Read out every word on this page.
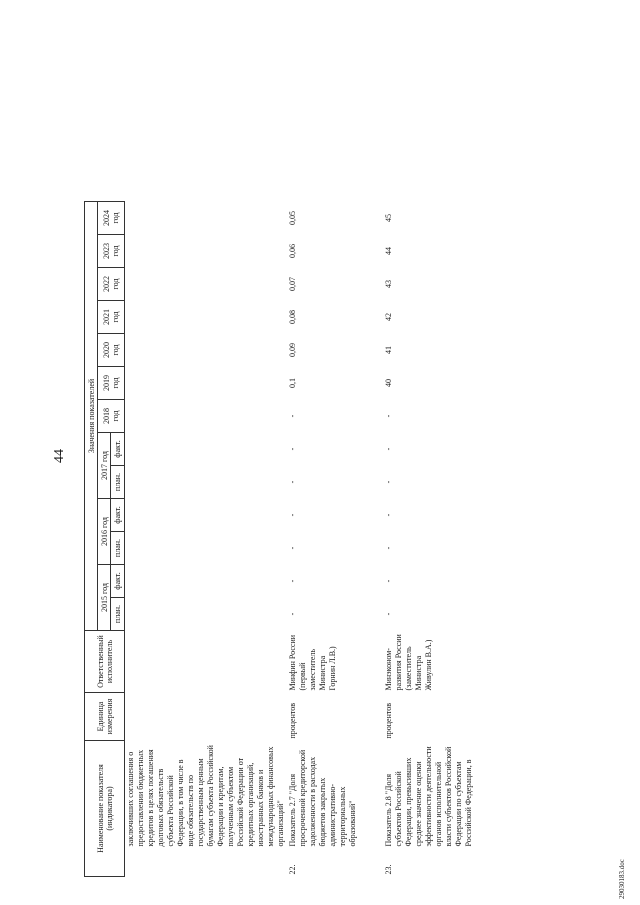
44
Наименование показателя (индикатора)		Единица измерения	Ответственный исполнитель	Значения показателей												
				2015 год		2016 год		2017 год		2018 год	2019 год	2020 год	2021 год	2022 год	2023 год	2024 год
				план.	факт.	план.	факт.	план.	факт.							
	заключивших соглашения о предоставлении бюджетных кредитов в целях погашения долговых обязательств субъекта Российской Федерации, в том числе в виде обязательств по государственным ценным бумагам субъекта Российской Федерации и кредитам, полученным субъектом Российской Федерации от кредитных организаций, иностранных банков и международных финансовых организаций"															
22.	Показатель 2.7 "Доля просроченной кредиторской задолженности в расходах бюджетов закрытых административно-территориальных образований"	процентов	Минфин России (первый заместитель Министра Горнин Л.В.)	-	-	-	-	-	-	-	0,1	0,09	0,08	0,07	0,06	0,05
23.	Показатель 2.8 "Доля субъектов Российской Федерации, превысивших среднее значение оценки эффективности деятельности органов исполнительной власти субъектов Российской Федерации по субъектам Российской Федерации, в	процентов	Минэконом-развития России (заместитель Министра Живулин В.А.)	-	-	-	-	-	-	-	40	41	42	43	44	45
29030183.doc
